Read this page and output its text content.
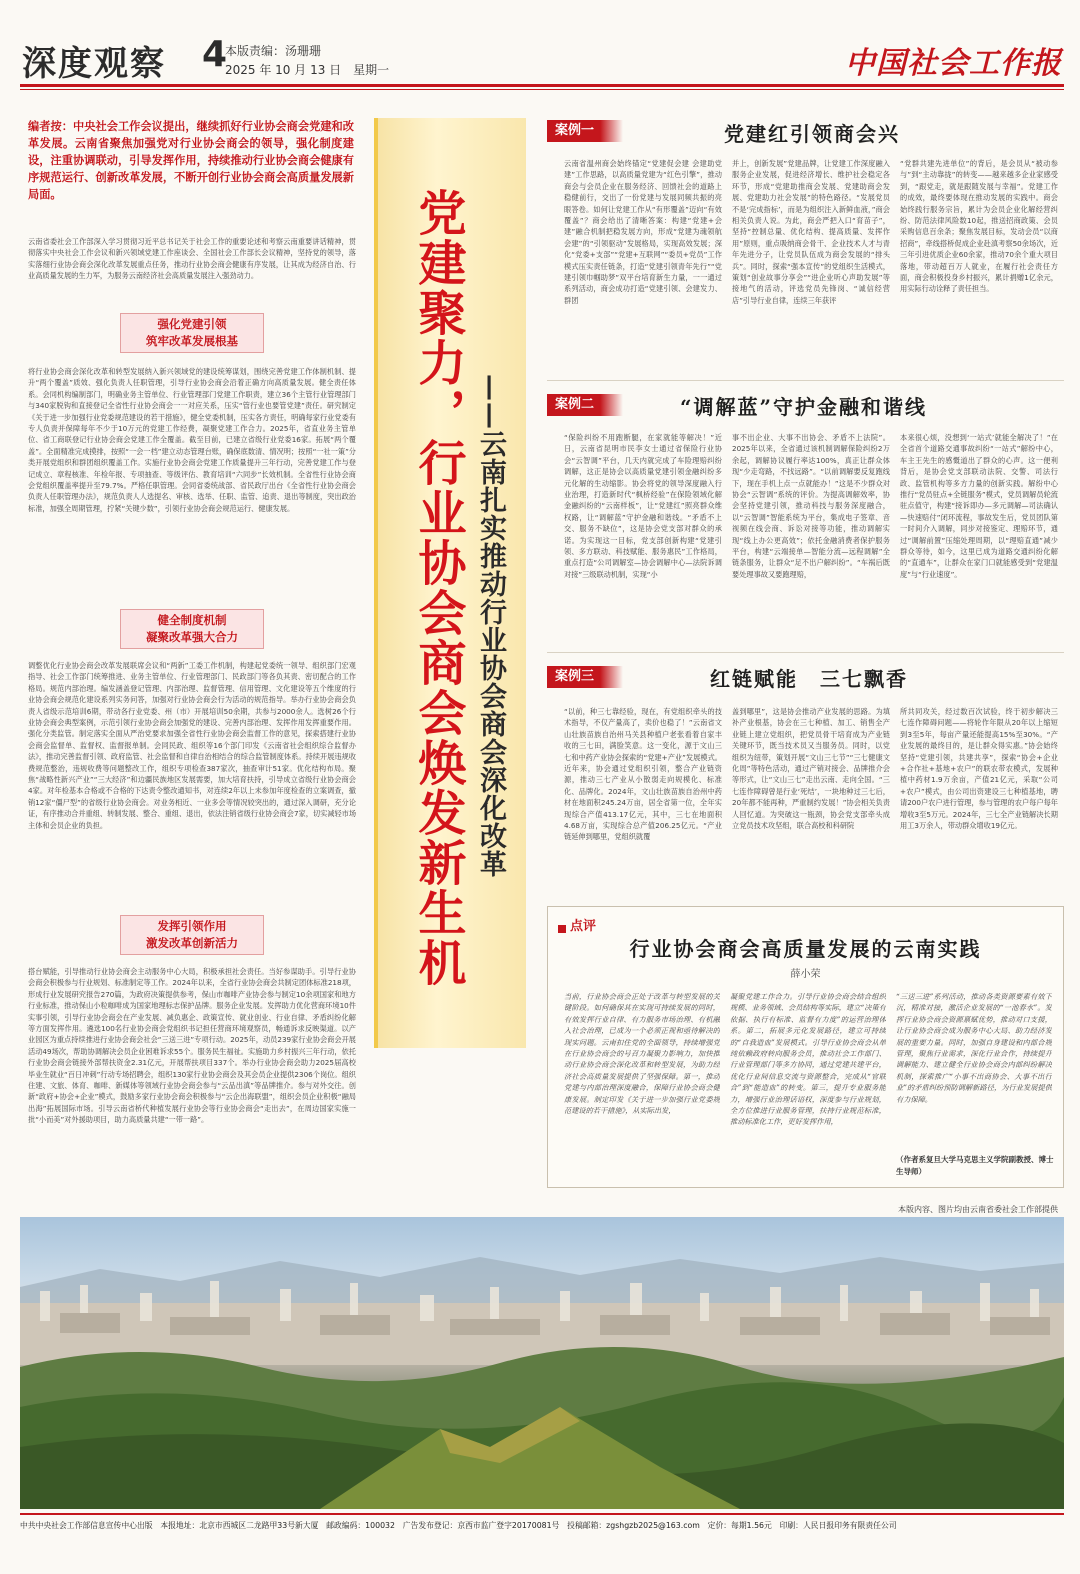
深度观察 4
本版责编：汤珊珊
2025 年 10 月 13 日　星期一	中国社会工作报
编者按：中央社会工作会议提出，继续抓好行业协会商会党建和改革发展。云南省聚焦加强党对行业协会商会的领导，强化制度建设，注重协调联动，引导发挥作用，持续推动行业协会商会健康有序规范运行、创新改革发展，不断开创行业协会商会高质量发展新局面。
云南省委社会工作部深入学习贯彻习近平总书记关于社会工作的重要论述和考察云南重要讲话精神，贯彻落实中央社会工作会议和新兴领域党建工作座谈会、全国社会工作部长会议精神，坚持党的领导，落实落细行业协会商会深化改革发展重点任务，推动行业协会商会健康有序发展，让其成为经济自治、行业高质量发展的生力军，为服务云南经济社会高质量发展注入强劲动力。
强化党建引领
筑牢改革发展根基
将行业协会商会深化改革和转型发展纳入新兴领域党的建设统筹谋划，围绕完善党建工作体制机制、提升“两个覆盖”质效、强化负责人任职管理，引导行业协会商会沿着正确方向高质量发展。健全责任体系。会同机构编制部门，明确业务主管单位、行业管理部门党建工作职责，建立36个主管行业管理部门与340家脱钩和直接登记全省性行业协会商会一一对应关系，压实“管行业也要管党建”责任。研究制定《关于进一步加强行业党委规范建设的若干措施》，健全党委机制，压实各方责任，明确每家行业党委有专人负责并保障每年不少于10万元的党建工作经费，凝聚党建工作合力。2025年，省直业务主管单位、省工商联登记行业协会商会党建工作全覆盖。截至目前，已建立省级行业党委16家。拓展“两个覆盖”。全面精准完成摸排，按照“一会一档”建立动态管理台账，确保底数清、情况明；按照“一社一策”分类开展党组织和群团组织覆盖工作。实施行业协会商会党建工作质量提升三年行动，完善党建工作与登记成立、章程核准、年检年报、专项抽查、等级评估、教育培训“六同步”长效机制。全省性行业协会商会党组织覆盖率提升至79.7%。严格任职管理。会同省委统战部、省民政厅出台《全省性行业协会商会负责人任职管理办法》，规范负责人人选提名、审核、选举、任职、监管、追责、退出等制度，突出政治标准，加强全周期管理，拧紧“关键少数”，引领行业协会商会规范运行、健康发展。
健全制度机制
凝聚改革强大合力
调整优化行业协会商会改革发展联席会议和“两新”工委工作机制，构建起党委统一领导、组织部门宏观指导、社会工作部门统筹推进、业务主管单位、行业管理部门、民政部门等各负其责、密切配合的工作格局。规范内部治理。编发涵盖登记管理、内部治理、监督管理、信用管理、文化建设等五个维度的行业协会商会规范化建设系列实务问答，加强对行业协会商会行为活动的规范指导。举办行业协会商会负责人省级示范培训6期，带动各行业党委、州（市）开展培训50余期，共参与2000余人。选树26个行业协会商会典型案例，示范引领行业协会商会加强党的建设、完善内部治理、发挥作用发挥重要作用。强化分类监管。制定落实全面从严治党要求加强全省性行业协会商会监督工作的意见，探索搭建行业协会商会监督单、监督权、监督报单制。会同民政、组织等16个部门印发《云南省社会组织综合监督办法》，推动完善监督引领、政府监管、社会监督和自律自治相结合的综合监管制度体系。持续开展违规收费规范整治，违规收费等问题整改工作，组织专项检查387家次，抽查审计51家。优化结构布局。聚焦“战略性新兴产业”“三大经济”和边疆民族地区发展需要，加大培育扶持，引导成立省级行业协会商会4家。对年检基本合格或不合格的下达责令整改通知书，对连续2年以上未参加年度检查的立案调查，撤销12家“僵尸型”的省级行业协会商会。对业务相近、一业多会等情况较突出的，通过深入调研，充分论证，有序推动合并重组、转制发展、整合、重组、退出，依法注销省级行业协会商会7家，切实减轻市场主体和会员企业的负担。
发挥引领作用
激发改革创新活力
搭台赋能，引导推动行业协会商会主动服务中心大局，积极承担社会责任。当好参谋助手。引导行业协会商会积极参与行业规划、标准制定等工作。2024年以来，全省行业协会商会共制定团体标准218项，形成行业发展研究报告270篇，为政府决策提供参考，保山市咖啡产业协会参与制定10余项国家和地方行业标准，推动保山小粒咖啡成为国家地理标志保护品牌。服务企业发展。发挥助力优化营商环境10件实事引领，引导行业协会商会在产业发展、减负惠企、政策宣传、就业创业、行业自律、矛盾纠纷化解等方面发挥作用。遴选100名行业协会商会党组织书记担任营商环境观察员，畅通诉求反映渠道。以产业园区为重点持续推进行业协会商会社会“三送三进”专项行动。2025年，动员239家行业协会商会开展活动49场次，帮助协调解决会员企业困难诉求55个。服务民生福祉。实施助力乡村振兴三年行动，依托行业协会商会链接外部帮扶资金2.31亿元，开展帮扶项目337个。举办行业协会商会助力2025届高校毕业生就业“百日冲刺”行动专场招聘会，组织130家行业协会商会及其会员企业提供2306个岗位。组织住建、文旅、体育、咖啡、新媒体等领域行业协会商会参与“云品出滇”等品牌推介。参与对外交往。创新“政府+协会+企业”模式，鼓励多家行业协会商会积极参与“云企出海联盟”，组织会员企业积极“融局出海”拓展国际市场。引导云南省桥代种植发展行业协会等行业协会商会“走出去”，在周边国家实施一批“小而美”对外援助项目，助力高质量共建“一带一路”。
党建聚力，行业协会商会焕发新生机 ——云南扎实推动行业协会商会深化改革
案例一	党建红引领商会兴
云南省温州商会始终锚定“党建促会建 会建助党建”工作思路，以高质量党建为“红色引擎”，推动商会与会员企业在服务经济、回馈社会的道路上稳健前行，交出了一份党建与发展同频共振的亮眼答卷。如何让党建工作从“有形覆盖”迈向“有效覆盖”？商会给出了清晰答案：构建“党建+会建”融合机制把稳发展方向，形成“党建为魂领航会建”的“引领驱动”发展格局，实现高效发展；深化“党委+支部”“党建+互联网”“委员+党员”工作模式压实责任链条，打造“党建引领青年先行”“党建引领巾帼助梦”双平台培育新生力量，一一通过系列活动，商会成功打造“党建引领、会建发力、群团
并上，创新发展”党建品牌，让党建工作深度融入服务企业发展，促进经济增长、维护社会稳定各环节，形成“党建助推商会发展、党建助商会发展、党建助力社会发展”的特色路径。“发展党员不是‘完成指标’，而是为组织注入新鲜血液，”商会相关负责人说。为此，商会严把入口“育苗子”，坚持“控制总量、优化结构、提高质量、发挥作用”原则，重点吸纳商会骨干、企业技术人才与青年先进分子，让党员队伍成为商会发展的“排头兵”。同时，探索“强本宣传”的党组织生活模式，策划“创业故事分享会”“进企业听心声助发展”等接地气的活动，评选党员先锋岗、“诚信经营店”引导行业自律，连续三年获评
“党群共建先进单位”的背后，是会员从“被动参与”到“主动靠拢”的转变——越来越多企业家感受到，“跟党走，就是跟随发展与幸福”。党建工作的成效，最终要体现在推动发展的实践中。商会始终践行服务宗旨，累计为会员企业化解经营纠纷、防范法律风险数10起，推送招商政策、会员采购信息百余条；聚焦发展目标，发动会员“以商招商”，牵线搭桥促成企业赴滇考察50余场次，近三年引进优质企业60余家，推动70余个重大项目落地，带动超百万人就业，在履行社会责任方面，商会积极投身乡村振兴，累计捐赠1亿余元，用实际行动诠释了责任担当。
案例二	“调解蓝”守护金融和谐线
“保险纠纷不用跑断腿，在家就能等解决！”近日，云南省昆明市民李女士通过省保险行业协会“云智调”平台，几天内就完成了车险理赔纠纷调解，这正是协会以高质量党建引领金融纠纷多元化解的生动缩影。协会将党的领导深度融入行业治理，打造新时代“枫桥经验”在保险领域化解金融纠纷的“云南样板”，让“党建红”照亮群众维权路，让“调解蓝”守护金融和谐线。“矛盾不上交、服务不缺位”，这是协会党支部对群众的承诺。为实现这一目标，党支部创新构建“党建引领、多方联动、科技赋能、服务惠民”工作格局，重点打造“公司调解室—协会调解中心—法院诉调对接”三级联动机制，实现“小
事不出企业、大事不出协会、矛盾不上法院”。2025年以来，全省通过该机制调解保险纠纷2万余起，调解协议履行率达100%，真正让群众体现“少走弯路，不找远路”。“以前调解要反复跑线下，现在手机上点一点就能办！”这是不少群众对协会“云智调”系统的评价。为提高调解效率，协会坚持党建引领，推动科技与服务深度融合，以“云智调”智能系统为平台，集成电子签章、音视频在线会商、诉讼对接等功能，推动调解实现“线上办公更高效”；依托金融消费者保护服务平台，构建“云端接单—智能分流—远程调解”全链条服务，让群众“足不出户解纠纷”。“车祸后既要处理事故又要跑理赔，
本来很心烦，没想到‘一站式’就能全解决了！”在全省首个道路交通事故纠纷“一站式”解纷中心，车主王先生的感慨道出了群众的心声。这一便利背后，是协会党支部联动法院、交警、司法行政、监管机构等多方力量的创新实践。解纷中心推行“党员驻点+全链服务”模式，党员调解员轮流驻点值守，构建“接诉即办—多元调解—司法确认—快速赔付”闭环流程，事故发生后，党员团队第一时间介入调解，同步对接鉴定、理赔环节，通过“调解前置”压缩处理周期，以“理赔直通”减少群众等待，如今，这里已成为道路交通纠纷化解的“直通车”，让群众在家门口就能感受到“党建温度”与“行业速度”。
案例三	红链赋能　三七飘香
“以前，种三七靠经验，现在，有党组织牵头的技术指导，不仅产量高了，卖价也稳了！”云南省文山壮族苗族自治州马关县种植户老张看着自家丰收的三七田，满脸笑意。这一变化，源于文山三七和中药产业协会探索的“党建+产业”发展模式。近年来，协会通过党组织引领，整合产业链资源，推动三七产业从小散弱走向规模化、标准化、品牌化。2024年，文山壮族苗族自治州中药材在地面积245.24万亩，居全省第一位，全年实现综合产值413.17亿元，其中，三七在地面积4.68万亩，实现综合总产值206.25亿元。“产业链延伸到哪里，党组织就覆
盖到哪里”，这是协会推动产业发展的思路。为填补产业根基，协会在三七种植、加工、销售全产业链上建立党组织，把党员骨干培育成为产业链关键环节，既当技术员又当服务员。同时，以党组织为纽带，策划开展“文山三七节”“三七健康文化周”等特色活动，通过产销对接会、品牌推介会等形式，让“文山三七”走出云南、走向全国。“三七连作障碍曾是行业‘死结’，一块地种过三七后，20年都不能再种，严重制约发展！”协会相关负责人回忆道。为突破这一瓶颈，协会党支部牵头成立党员技术攻坚组，联合高校和科研院
所共同攻关，经过数百次试验，终于初步解决三七连作障碍问题——将轮作年限从20年以上缩短到3至5年，每亩产量还能提高15%至30%。“产业发展的最终目的，是让群众得实惠。”协会始终坚持“党建引领，共建共享”，探索“协会+企业+合作社+基地+农户”的联农带农模式，发展种植中药材1.9万余亩，产值21亿元，采取“公司+农户”模式，由公司出资建设三七种植基地，聘请200户农户进行管理，参与管理的农户每户每年增收3至5万元。2024年，三七全产业链解决长期用工3万余人，带动群众增收19亿元。
点评
行业协会商会高质量发展的云南实践
薛小荣
当前，行业协会商会正处于改革与转型发展的关键阶段。如何确保其在实现可持续发展的同时，有效发挥行业自律、有力服务市场治理、有机融入社会治理，已成为一个必须正视和亟待解决的现实问题。云南扣住党的全面领导，持续增强党在行业协会商会的号召力凝聚力影响力，加快推动行业协会商会深化改革和转型发展，为助力经济社会高质量发展提供了坚强保障。第一，推动党建与内部治理深度融合，保障行业协会商会健康发展。制定印发《关于进一步加强行业党委规范建设的若干措施》，从实际出发，
凝聚党建工作合力。引导行业协会商会结合组织规模、业务领域、会员结构等实际，建立“决策有依据、执行有标准、监督有力度”的运营治理体系。第二，拓展多元化发展路径，建立可持续的“自我造血”发展模式。引导行业协会商会从单纯依赖政府转向服务会员，推动社会工作部门、行业管理部门等多方协同，通过党建共建平台，优化行业间信息交流与资源整合，完成从“官联合”到“能造血”的转变。第三，提升专业服务能力，增强行业治理话语权，深度参与行业规划，全方位推进行业服务管理，扶持行业规范标准，推动标准化工作，更好发挥作用，
“三送三进”系列活动，推动各类资源要素有效下沉，精准对接，激活企业发展的“一池春水”。发挥行业协会商会资源禀赋优势，推动对口支援，让行业协会商会成为服务中心大局、助力经济发展的重要力量。同时，加强自身建设和内部合规管理，聚焦行业需求，深化行业合作，持续提升调解能力、建立健全行业协会商会内部纠纷解决机制，探索推广“小事不出商协会、大事不出行业”的矛盾纠纷预防调解新路径，为行业发展提供有力保障。
（作者系复旦大学马克思主义学院副教授、博士生导师）
本版内容、图片均由云南省委社会工作部提供
中共中央社会工作部信息宣传中心出版　本报地址：北京市西城区二龙路甲33号新大厦　邮政编码：100032　广告发布登记：京西市监广登字20170081号　投稿邮箱：zgshgzb2025@163.com　定价：每期1.56元　印刷：人民日报印务有限责任公司
